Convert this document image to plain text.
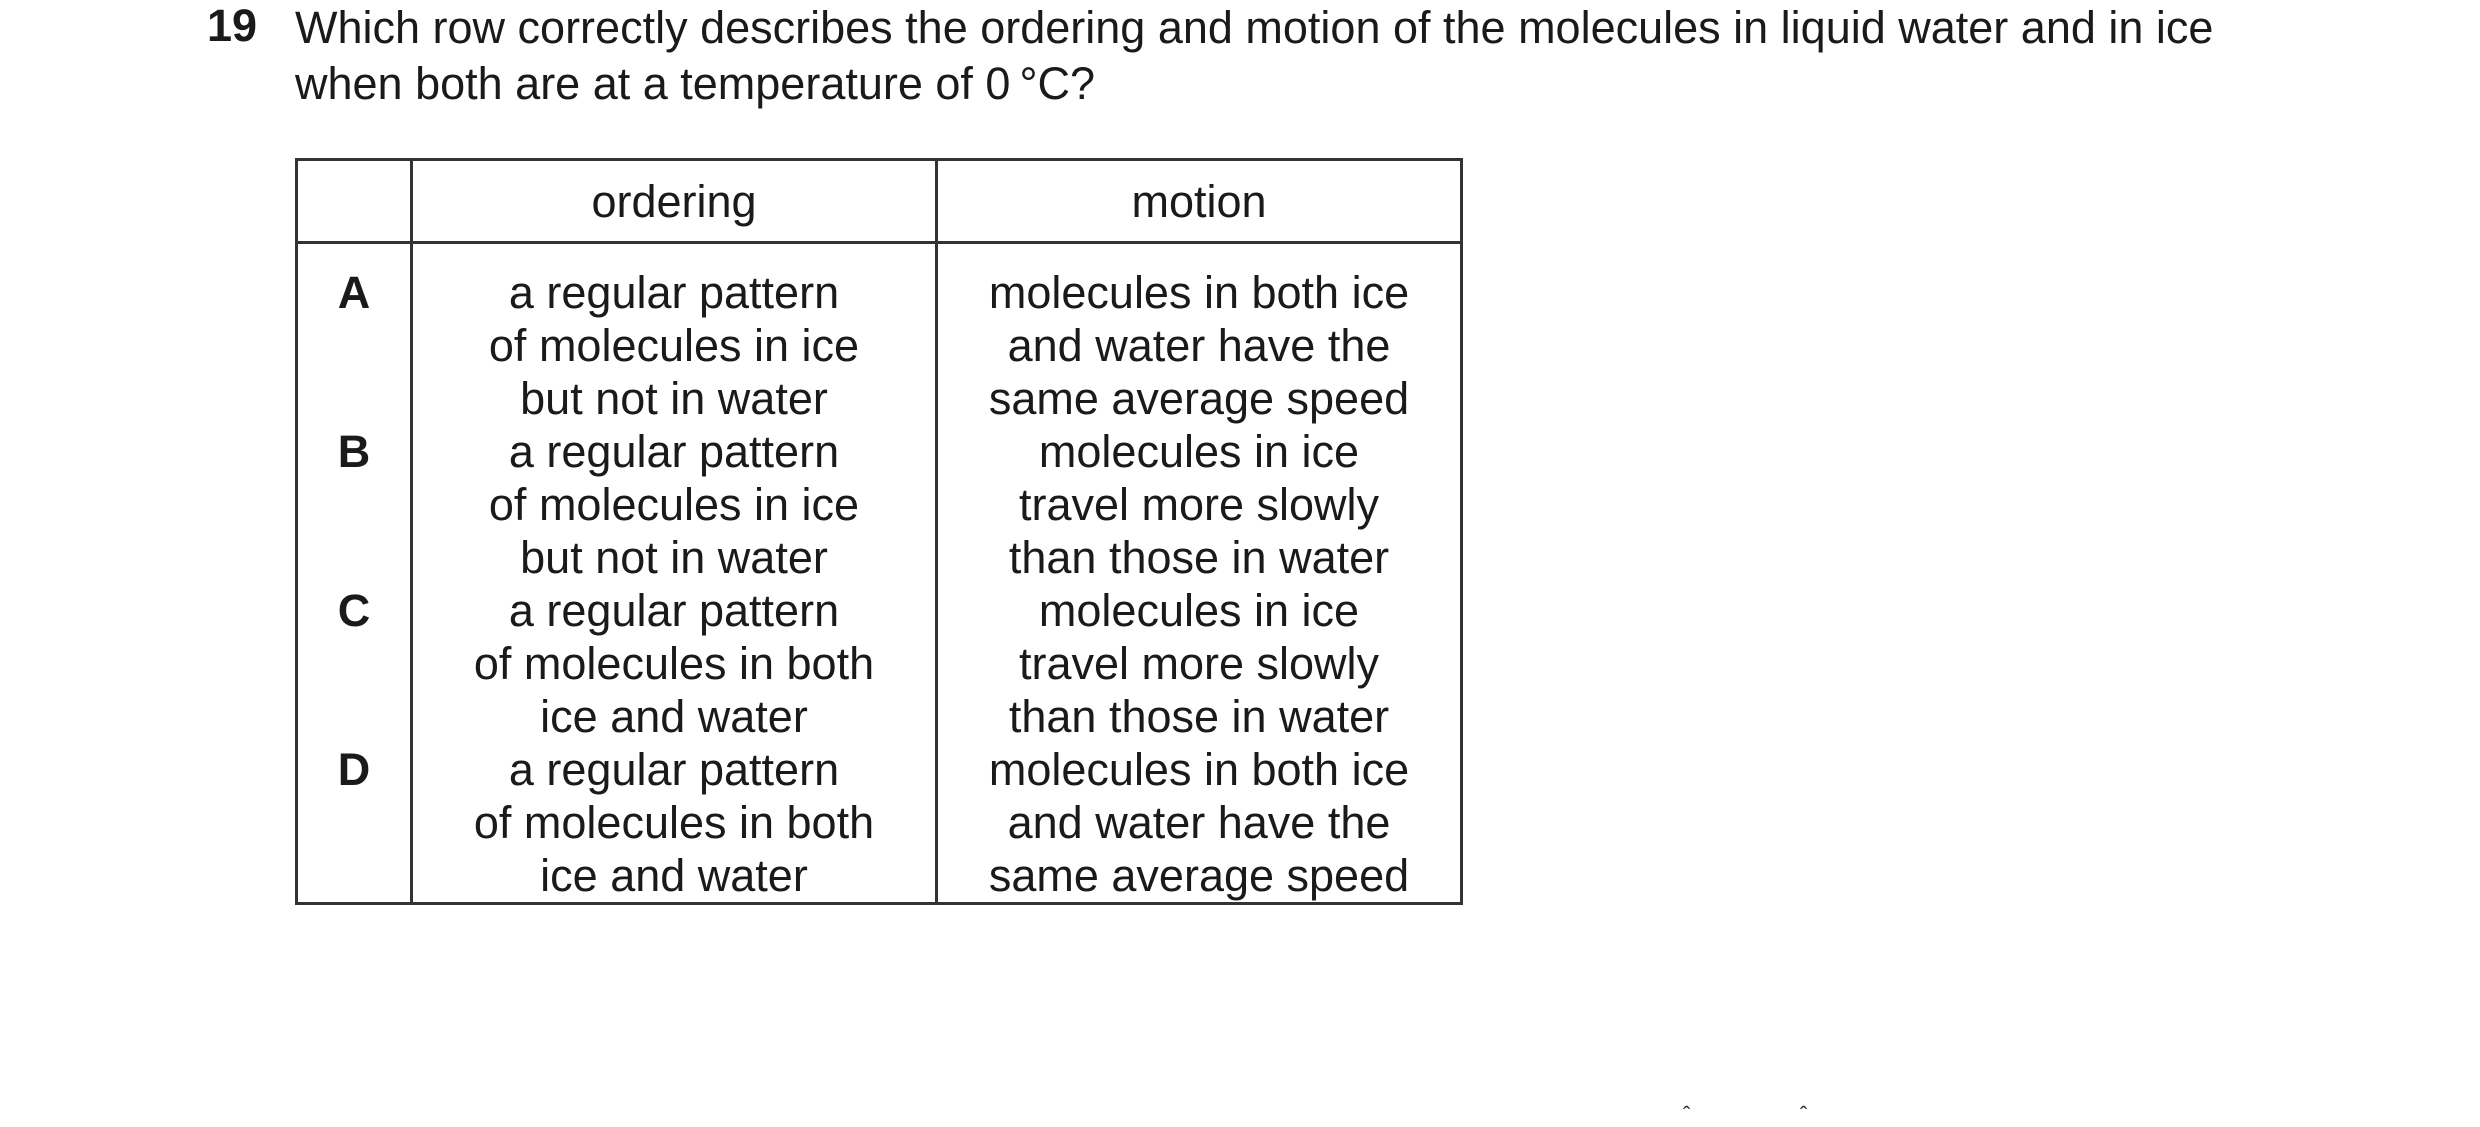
19 Which row correctly describes the ordering and motion of the molecules in liquid water and in ice
when both are at a temperature of 0 °C?
	ordering	motion
A	a regular pattern
of molecules in ice
but not in water	molecules in both ice
and water have the
same average speed

B	a regular pattern
of molecules in ice
but not in water	molecules in ice
travel more slowly
than those in water

C	a regular pattern
of molecules in both
ice and water	molecules in ice
travel more slowly
than those in water

D	a regular pattern
of molecules in both
ice and water	molecules in both ice
and water have the
same average speed
ˆ	ˆ
